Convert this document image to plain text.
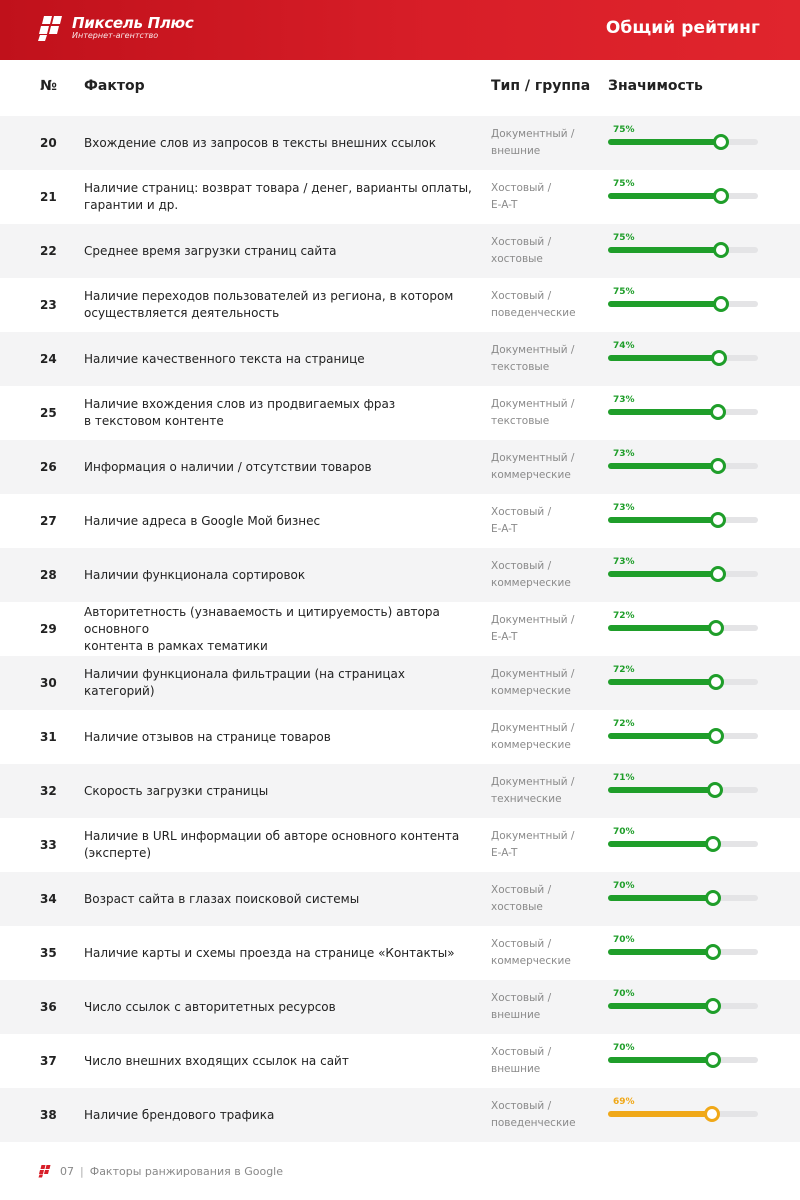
Пиксель Плюс
Интернет-агентство	Общий рейтинг
№ Фактор	Тип / группа Значимость
20 Вхождение слов из запросов в тексты внешних ссылок
Документный /
внешние
75%
21
Наличие страниц: возврат товара / денег, варианты оплаты,
гарантии и др.
Хостовый /
E-A-T
75%
22 Среднее время загрузки страниц сайта
Хостовый /
хостовые
75%
23
Наличие переходов пользователей из региона, в котором
осуществляется деятельность
Хостовый /
поведенческие
75%
24 Наличие качественного текста на странице
Документный /
текстовые
74%
25
Наличие вхождения слов из продвигаемых фраз
в текстовом контенте
Документный /
текстовые
73%
26 Информация о наличии / отсутствии товаров
Документный /
коммерческие
73%
27 Наличие адреса в Google Мой бизнес
Хостовый /
E-A-T
73%
28 Наличии функционала сортировок
Хостовый /
коммерческие
73%
29
Авторитетность (узнаваемость и цитируемость) автора основного
контента в рамках тематики
Документный /
E-A-T
72%
30
Наличии функционала фильтрации (на страницах категорий)
Документный /
коммерческие
72%
31 Наличие отзывов на странице товаров
Документный /
коммерческие
72%
32 Скорость загрузки страницы
Документный /
технические
71%
33
Наличие в URL информации об авторе основного контента (эксперте)
Документный /
E-A-T
70%
34 Возраст сайта в глазах поисковой системы
Хостовый /
хостовые
70%
35 Наличие карты и схемы проезда на странице «Контакты»
Хостовый /
коммерческие
70%
36 Число ссылок с авторитетных ресурсов
Хостовый /
внешние
70%
37 Число внешних входящих ссылок на сайт
Хостовый /
внешние
70%
38 Наличие брендового трафика
Хостовый /
поведенческие
69%
07 | Факторы ранжирования в Google
